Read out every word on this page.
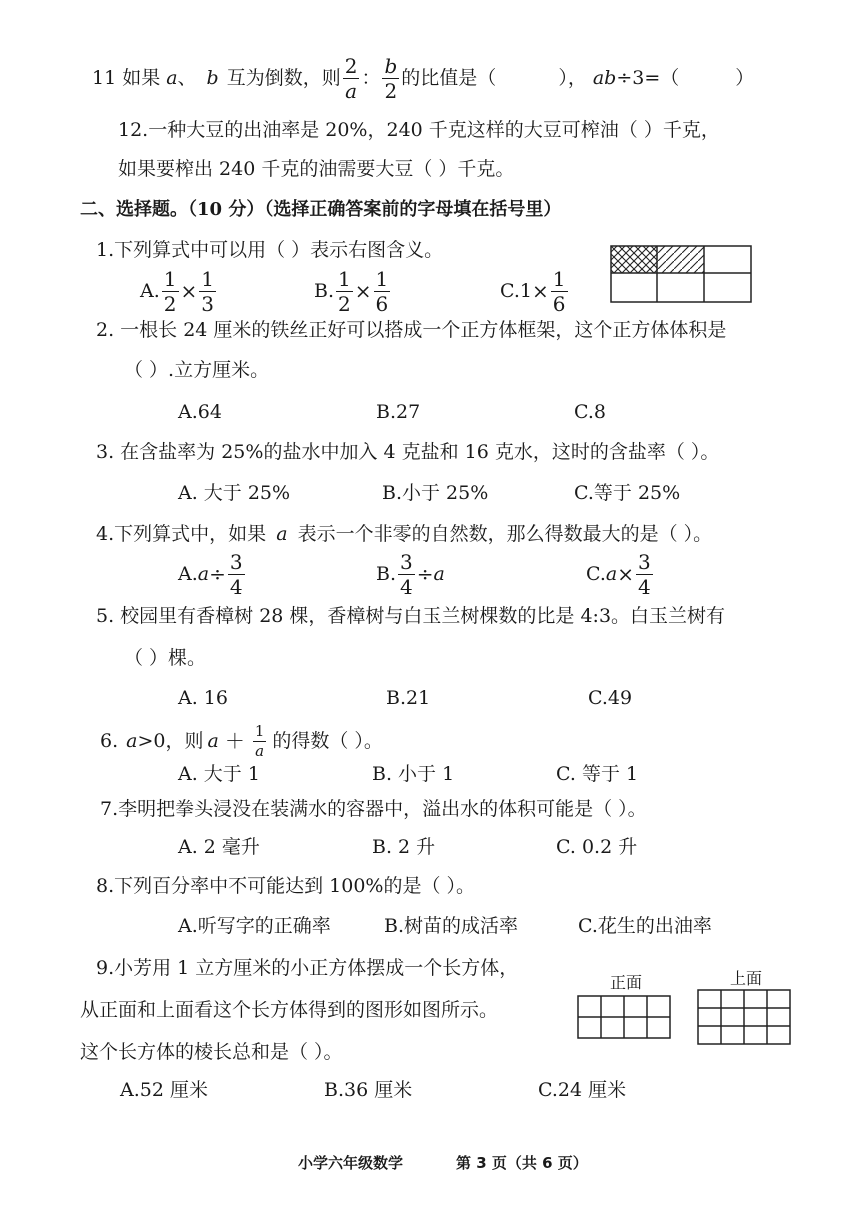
11 如果 a 、 b 互为倒数，则 $\frac{2}{a}$ ： $\frac{b}{2}$ 的比值是（	）， ab ÷3=（	）
12.一种大豆的出油率是 20%，240 千克这样的大豆可榨油（ ）千克，
如果要榨出 240 千克的油需要大豆（ ）千克。
二、选择题。（10 分）（选择正确答案前的字母填在括号里）
1.下列算式中可以用（ ）表示右图含义。
A. $\frac{1}{2} \times \frac{1}{3}$	B. $\frac{1}{2} \times \frac{1}{6}$	C. $1 \times \frac{1}{6}$
2. 一根长 24 厘米的铁丝正好可以搭成一个正方体框架，这个正方体体积是
（ ）.立方厘米。
A.64	B.27	C.8
3. 在含盐率为 25%的盐水中加入 4 克盐和 16 克水，这时的含盐率（ ）。
A. 大于 25%	B.小于 25%	C.等于 25%
4.下列算式中，如果 a 表示一个非零的自然数，那么得数最大的是（ ）。
A. $a \div \frac{3}{4}$	B. $\frac{3}{4} \div a$	C. $a \times \frac{3}{4}$
5. 校园里有香樟树 28 棵，香樟树与白玉兰树棵数的比是 4:3。白玉兰树有
（ ）棵。
A. 16	B.21	C.49
6. a >0，则 $a + \frac{1}{a}$ 的得数（ ）。
A. 大于 1	B. 小于 1	C. 等于 1
7.李明把拳头浸没在装满水的容器中，溢出水的体积可能是（ ）。
A. 2 毫升	B. 2 升	C. 0.2 升
8.下列百分率中不可能达到 100%的是（ ）。
A.听写字的正确率	B.树苗的成活率	C.花生的出油率
9.小芳用 1 立方厘米的小正方体摆成一个长方体，
从正面和上面看这个长方体得到的图形如图所示。
这个长方体的棱长总和是（ ）。
A.52 厘米	B.36 厘米	C.24 厘米
正面	上面
小学六年级数学	第 3 页（共 6 页）
